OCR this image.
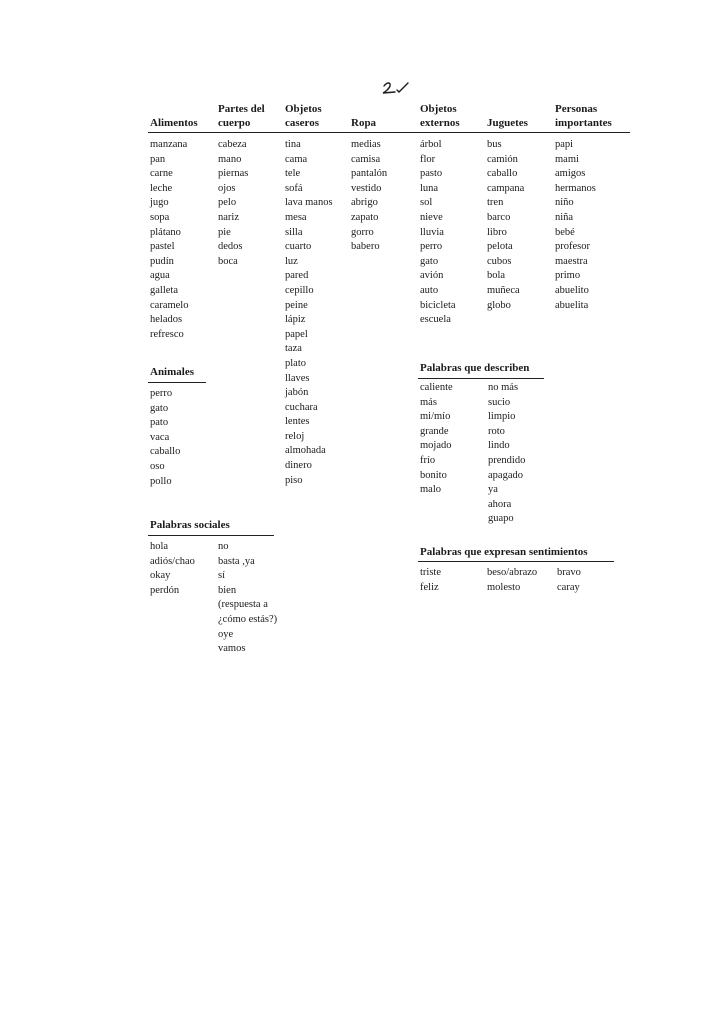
Alimentos
Partes del
cuerpo
Objetos
caseros	Ropa
Objetos
externos Juguetes
Personas
importantes
manzana
pan
carne
leche
jugo
sopa
plátano
pastel
pudín
agua
galleta
caramelo
helados
refresco
cabeza
mano
piernas
ojos
pelo
nariz
pie
dedos
boca
tina
cama
tele
sofá
lava manos
mesa
silla
cuarto
luz
pared
cepillo
peine
lápiz
papel
taza
plato
llaves
jabón
cuchara
lentes
reloj
almohada
dinero
piso
medias
camisa
pantalón
vestido
abrigo
zapato
gorro
babero
árbol
flor
pasto
luna
sol
nieve
lluvia
perro
gato
avión
auto
bicicleta
escuela
bus
camión
caballo
campana
tren
barco
libro
pelota
cubos
bola
muñeca
globo
papi
mami
amigos
hermanos
niño
niña
bebé
profesor
maestra
primo
abuelito
abuelita
Animales
perro
gato
pato
vaca
caballo
oso
pollo
Palabras sociales
hola
adiós/chao
okay
perdón
no
basta ,ya
sí
bien
(respuesta a
¿cómo estás?)
oye
vamos
Palabras que describen
caliente
más
mi/mío
grande
mojado
frío
bonito
malo
no más
sucio
limpio
roto
lindo
prendido
apagado
ya
ahora
guapo
Palabras que expresan sentimientos
triste
feliz
beso/abrazo
molesto
bravo
caray
